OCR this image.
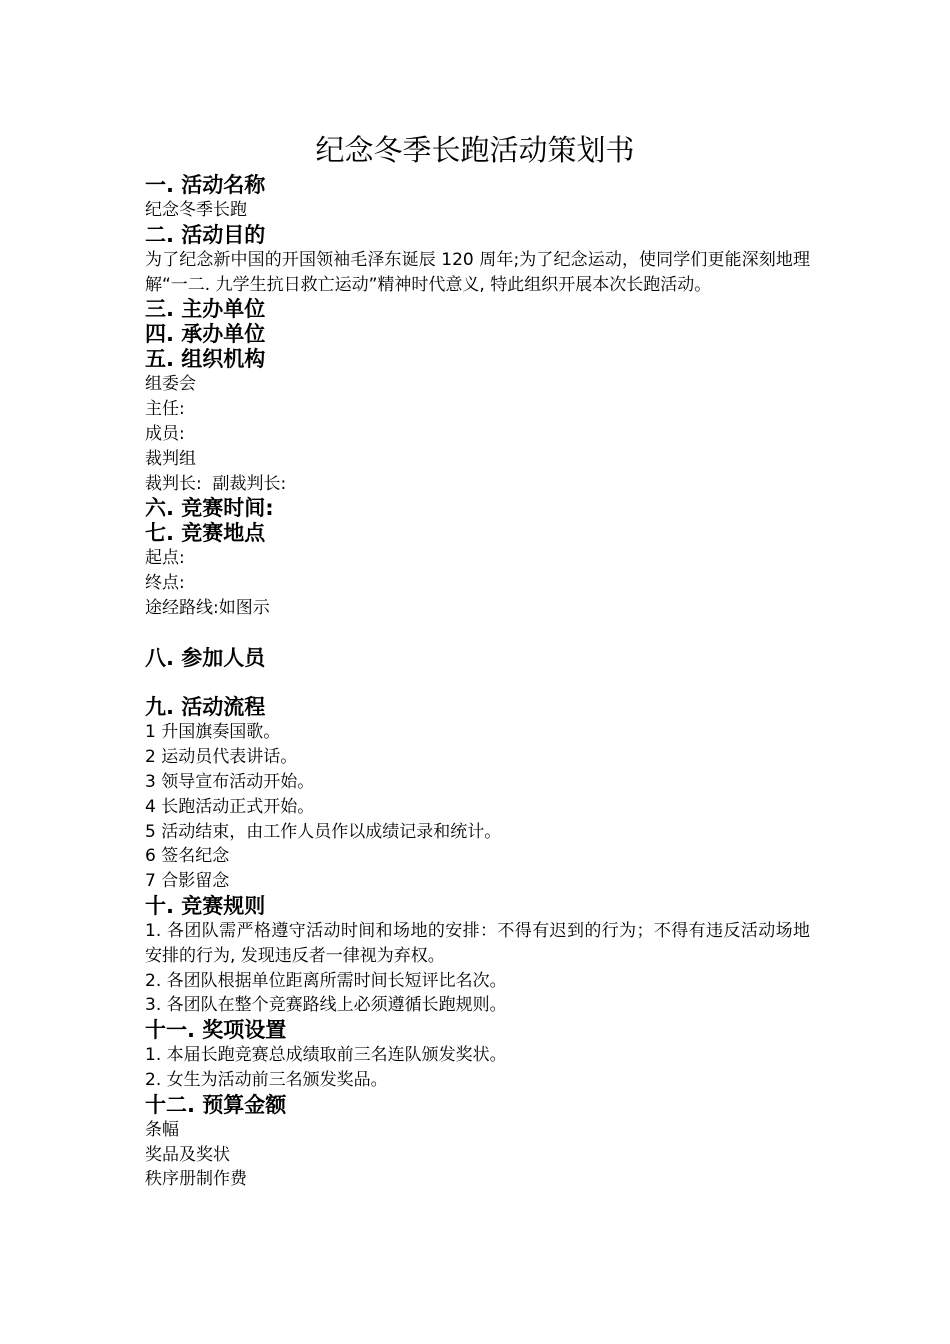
纪念冬季长跑活动策划书
一. 活动名称
纪念冬季长跑
二. 活动目的
为了纪念新中国的开国领袖毛泽东诞辰 120 周年;为了纪念运动，使同学们更能深刻地理解“一二. 九学生抗日救亡运动”精神时代意义, 特此组织开展本次长跑活动。
三. 主办单位
四. 承办单位
五. 组织机构
组委会
主任:
成员:
裁判组
裁判长:  副裁判长:
六. 竞赛时间:
七. 竞赛地点
起点:
终点:
途经路线:如图示
八. 参加人员
九. 活动流程
1 升国旗奏国歌。
2 运动员代表讲话。
3 领导宣布活动开始。
4 长跑活动正式开始。
5 活动结束，由工作人员作以成绩记录和统计。
6 签名纪念
7 合影留念
十. 竞赛规则
1. 各团队需严格遵守活动时间和场地的安排：不得有迟到的行为；不得有违反活动场地安排的行为, 发现违反者一律视为弃权。
2. 各团队根据单位距离所需时间长短评比名次。
3. 各团队在整个竞赛路线上必须遵循长跑规则。
十一. 奖项设置
1. 本届长跑竞赛总成绩取前三名连队颁发奖状。
2. 女生为活动前三名颁发奖品。
十二. 预算金额
条幅
奖品及奖状
秩序册制作费
